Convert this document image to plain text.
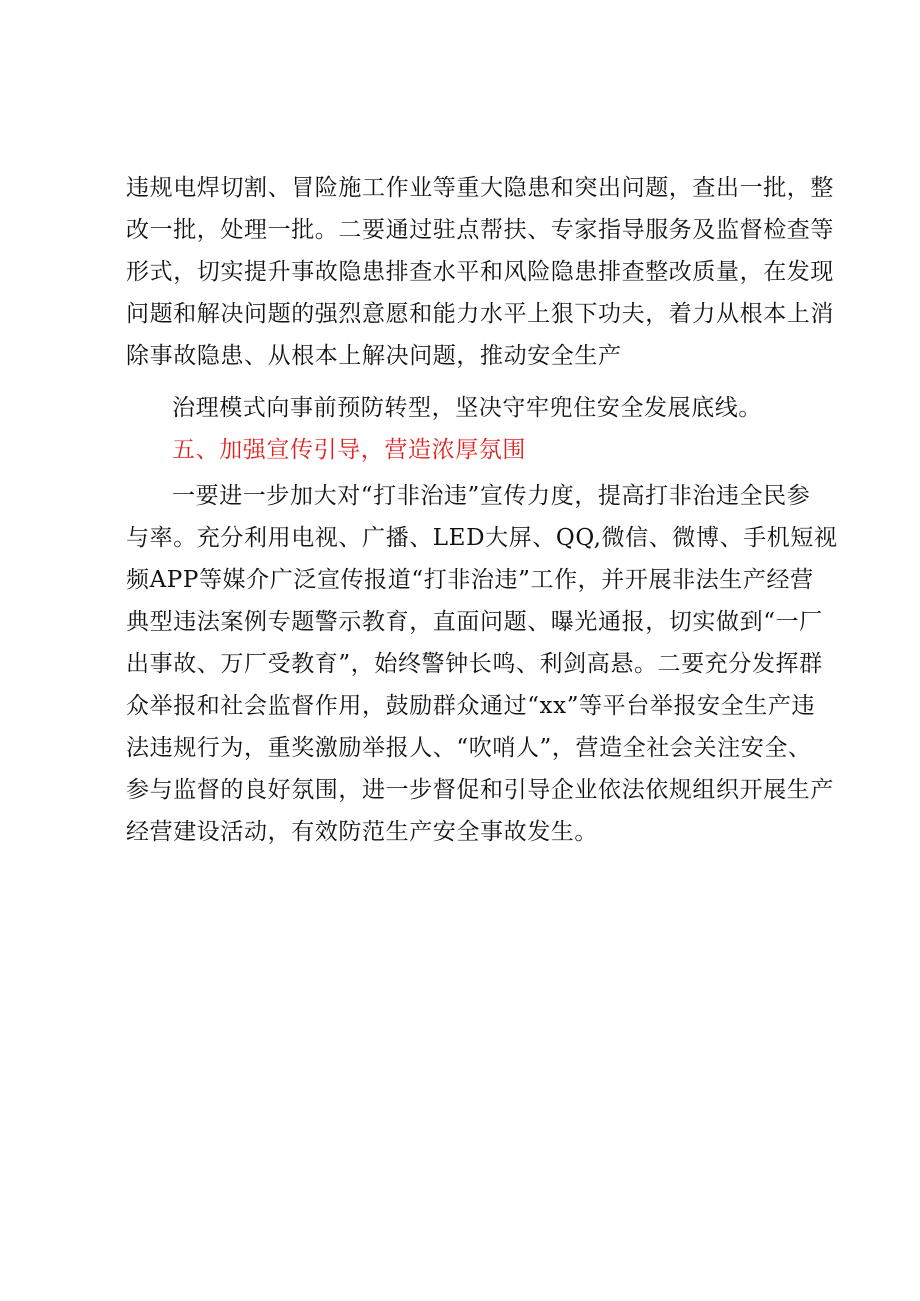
违规电焊切割、冒险施工作业等重大隐患和突出问题，查出一批，整
改一批，处理一批。二要通过驻点帮扶、专家指导服务及监督检查等
形式，切实提升事故隐患排查水平和风险隐患排查整改质量，在发现
问题和解决问题的强烈意愿和能力水平上狠下功夫，着力从根本上消
除事故隐患、从根本上解决问题，推动安全生产
治理模式向事前预防转型，坚决守牢兜住安全发展底线。
五、加强宣传引导，营造浓厚氛围
一要进一步加大对“打非治违”宣传力度，提高打非治违全民参
与率。充分利用电视、广播、LED大屏、QQ,微信、微博、手机短视
频APP等媒介广泛宣传报道“打非治违”工作，并开展非法生产经营
典型违法案例专题警示教育，直面问题、曝光通报，切实做到“一厂
出事故、万厂受教育”，始终警钟长鸣、利剑高悬。二要充分发挥群
众举报和社会监督作用，鼓励群众通过“xx”等平台举报安全生产违
法违规行为，重奖激励举报人、“吹哨人”，营造全社会关注安全、
参与监督的良好氛围，进一步督促和引导企业依法依规组织开展生产
经营建设活动，有效防范生产安全事故发生。
